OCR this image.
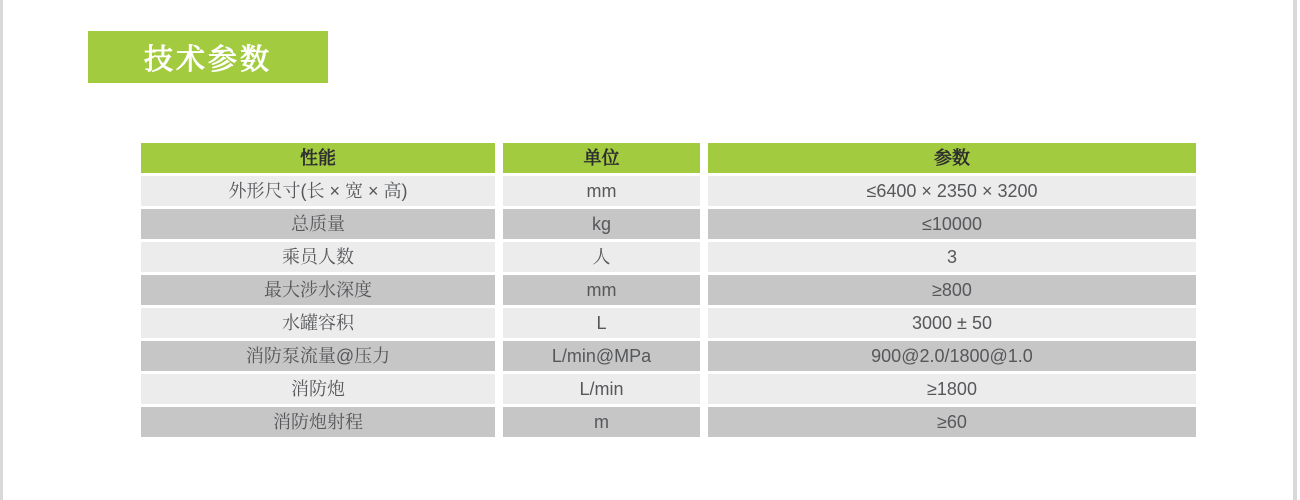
技术参数
性能	单位	参数
外形尺寸(长 × 宽 × 高)	mm	≤6400 × 2350 × 3200
总质量	kg	≤10000
乘员人数	人	3
最大涉水深度	mm	≥800
水罐容积	L	3000 ± 50
消防泵流量@压力	L/min@MPa	900@2.0/1800@1.0
消防炮	L/min	≥1800
消防炮射程	m	≥60
